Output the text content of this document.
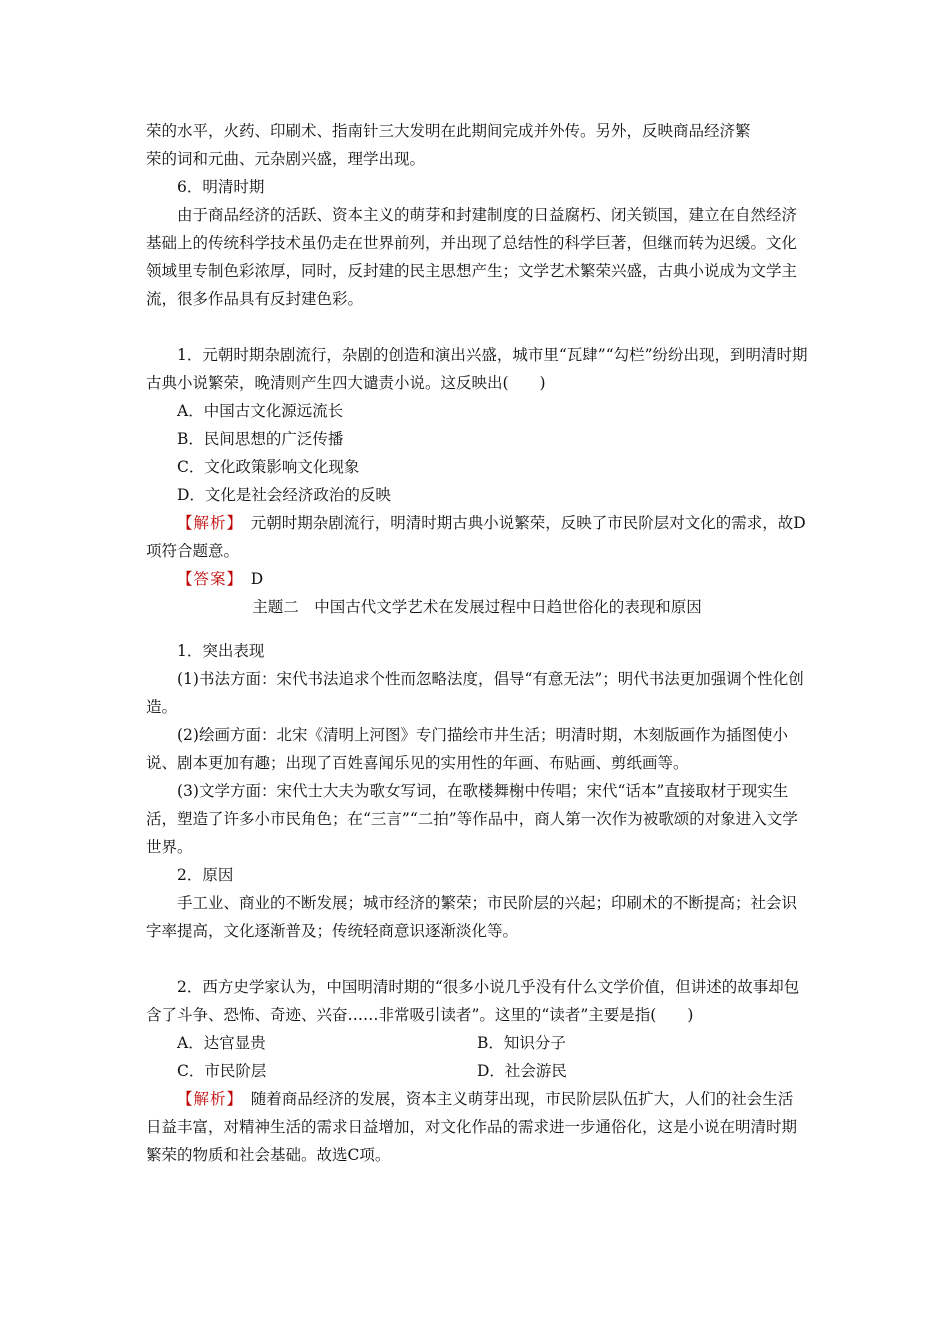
荣的水平，火药、印刷术、指南针三大发明在此期间完成并外传。另外，反映商品经济繁

荣的词和元曲、元杂剧兴盛，理学出现。

6．明清时期

由于商品经济的活跃、资本主义的萌芽和封建制度的日益腐朽、闭关锁国，建立在自然经济基础上的传统科学技术虽仍走在世界前列，并出现了总结性的科学巨著，但继而转为迟缓。文化领域里专制色彩浓厚，同时，反封建的民主思想产生；文学艺术繁荣兴盛，古典小说成为文学主流，很多作品具有反封建色彩。

1．元朝时期杂剧流行，杂剧的创造和演出兴盛，城市里“瓦肆”“勾栏”纷纷出现，到明清时期古典小说繁荣，晚清则产生四大谴责小说。这反映出(　　)

A．中国古文化源远流长

B．民间思想的广泛传播

C．文化政策影响文化现象

D．文化是社会经济政治的反映

【解析】　 元朝时期杂剧流行，明清时期古典小说繁荣，反映了市民阶层对文化的需求，故D项符合题意。

【答案】　 D

主题二　中国古代文学艺术在发展过程中日趋世俗化的表现和原因

1．突出表现

(1)书法方面：宋代书法追求个性而忽略法度，倡导“有意无法”；明代书法更加强调个性化创造。

(2)绘画方面：北宋《清明上河图》专门描绘市井生活；明清时期，木刻版画作为插图使小说、剧本更加有趣；出现了百姓喜闻乐见的实用性的年画、布贴画、剪纸画等。

(3)文学方面：宋代士大夫为歌女写词，在歌楼舞榭中传唱；宋代“话本”直接取材于现实生活，塑造了许多小市民角色；在“三言”“二拍”等作品中，商人第一次作为被歌颂的对象进入文学世界。

2．原因

手工业、商业的不断发展；城市经济的繁荣；市民阶层的兴起；印刷术的不断提高；社会识字率提高，文化逐渐普及；传统轻商意识逐渐淡化等。

2．西方史学家认为，中国明清时期的“很多小说几乎没有什么文学价值，但讲述的故事却包含了斗争、恐怖、奇迹、兴奋……非常吸引读者”。这里的“读者”主要是指(　　)

A．达官显贵	B．知识分子
C．市民阶层	D．社会游民

【解析】　 随着商品经济的发展，资本主义萌芽出现，市民阶层队伍扩大，人们的社会生活日益丰富，对精神生活的需求日益增加，对文化作品的需求进一步通俗化，这是小说在明清时期繁荣的物质和社会基础。故选C项。
